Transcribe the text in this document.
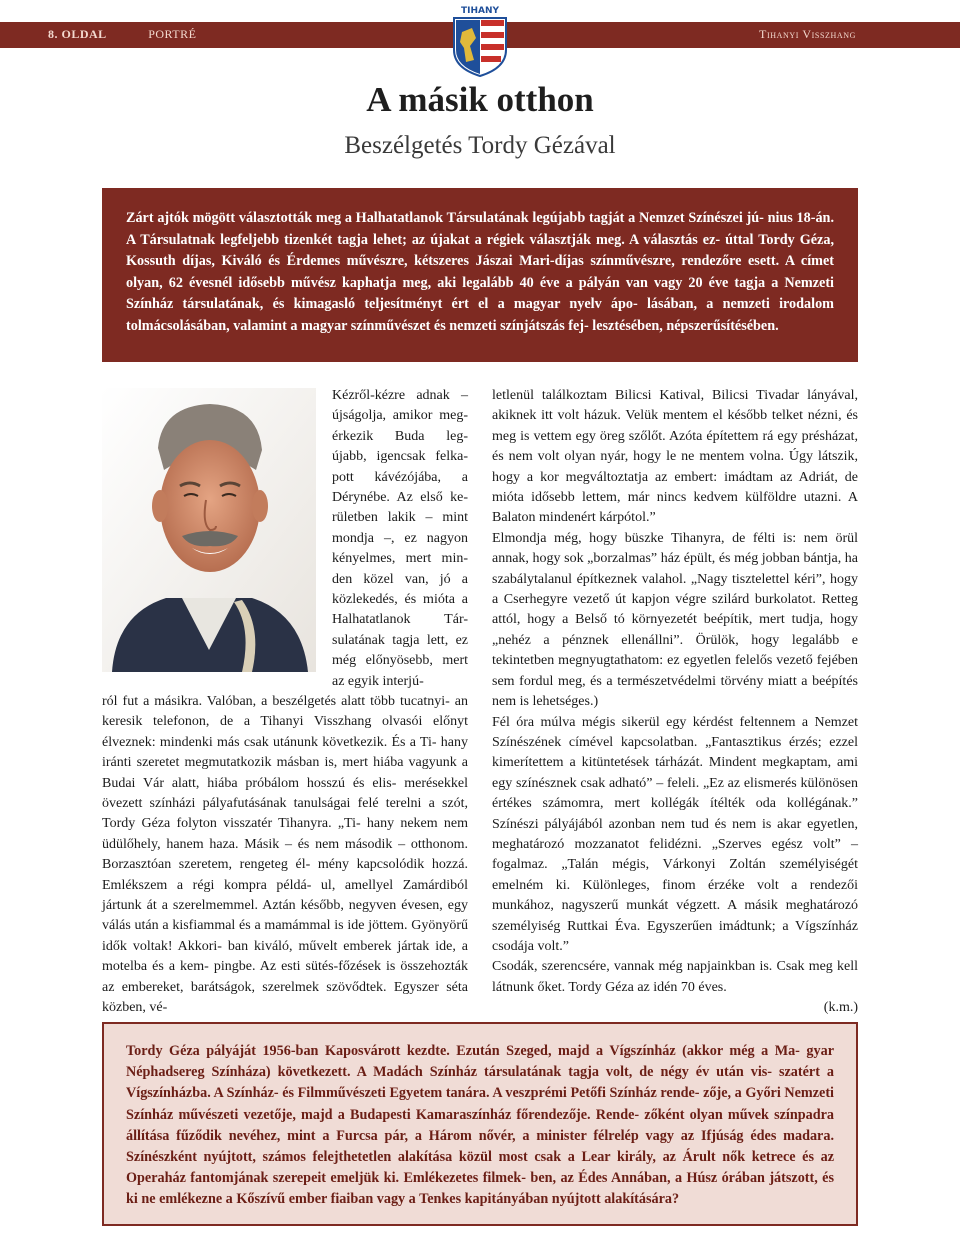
8. OLDAL	PORTRÉ	Tihanyi Visszhang
TIHANY
A másik otthon
Beszélgetés Tordy Gézával

Zárt ajtók mögött választották meg a Halhatatlanok Társulatának legújabb tagját a Nemzet Színészei jú- nius 18-án. A Társulatnak legfeljebb tizenkét tagja lehet; az újakat a régiek választják meg. A választás ez- úttal Tordy Géza, Kossuth díjas, Kiváló és Érdemes művészre, kétszeres Jászai Mari-díjas színművészre, rendezőre esett. A címet olyan, 62 évesnél idősebb művész kaphatja meg, aki legalább 40 éve a pályán van vagy 20 éve tagja a Nemzeti Színház társulatának, és kimagasló teljesítményt ért el a magyar nyelv ápo- lásában, a nemzeti irodalom tolmácsolásában, valamint a magyar színművészet és nemzeti színjátszás fej- lesztésében, népszerűsítésében.

Kézről-kézre adnak – újságolja, amikor meg- érkezik Buda leg- újabb, igencsak felka- pott kávézójába, a Dérynébe. Az első ke- rületben lakik – mint mondja –, ez nagyon kényelmes, mert min- den közel van, jó a közlekedés, és mióta a Halhatatlanok Tár- sulatának tagja lett, ez még előnyösebb, mert az egyik interjú-

ról fut a másikra. Valóban, a beszélgetés alatt több tucatnyi- an keresik telefonon, de a Tihanyi Visszhang olvasói előnyt élveznek: mindenki más csak utánunk következik. És a Ti- hany iránti szeretet megmutatkozik másban is, mert hiába vagyunk a Budai Vár alatt, hiába próbálom hosszú és elis- merésekkel övezett színházi pályafutásának tanulságai felé terelni a szót, Tordy Géza folyton visszatér Tihanyra. „Ti- hany nekem nem üdülőhely, hanem haza. Másik – és nem második – otthonom. Borzasztóan szeretem, rengeteg él- mény kapcsolódik hozzá. Emlékszem a régi kompra példá- ul, amellyel Zamárdiból jártunk át a szerelmemmel. Aztán később, negyven évesen, egy válás után a kisfiammal és a mamámmal is ide jöttem. Gyönyörű idők voltak! Akkori- ban kiváló, művelt emberek jártak ide, a motelba és a kem- pingbe. Az esti sütés-főzések is összehozták az embereket, barátságok, szerelmek szövődtek. Egyszer séta közben, vé-

letlenül találkoztam Bilicsi Katival, Bilicsi Tivadar lányával, akiknek itt volt házuk. Velük mentem el később telket nézni, és meg is vettem egy öreg szőlőt. Azóta építettem rá egy présházat, és nem volt olyan nyár, hogy le ne mentem volna. Úgy látszik, hogy a kor megváltoztatja az embert: imádtam az Adriát, de mióta idősebb lettem, már nincs kedvem külföldre utazni. A Balaton mindenért kárpótol.”

Elmondja még, hogy büszke Tihanyra, de félti is: nem örül annak, hogy sok „borzalmas” ház épült, és még jobban bántja, ha szabálytalanul építkeznek valahol. „Nagy tisztelettel kéri”, hogy a Cserhegyre vezető út kapjon végre szilárd burkolatot. Retteg attól, hogy a Belső tó környezetét beépítik, mert tudja, hogy „nehéz a pénznek ellenállni”. Örülök, hogy legalább e tekintetben megnyugtathatom: ez egyetlen felelős vezető fejében sem fordul meg, és a természetvédelmi törvény miatt a beépítés nem is lehetséges.)

Fél óra múlva mégis sikerül egy kérdést feltennem a Nemzet Színészének címével kapcsolatban. „Fantasztikus érzés; ezzel kimerítettem a kitüntetések tárházát. Mindent megkaptam, ami egy színésznek csak adható” – feleli. „Ez az elismerés különösen értékes számomra, mert kollégák ítélték oda kollégának.” Színészi pályájából azonban nem tud és nem is akar egyetlen, meghatározó mozzanatot felidézni. „Szerves egész volt” – fogalmaz. „Talán mégis, Várkonyi Zoltán személyiségét emelném ki. Különleges, finom érzéke volt a rendezői munkához, nagyszerű munkát végzett. A másik meghatározó személyiség Ruttkai Éva. Egyszerűen imádtunk; a Vígszínház csodája volt.”

Csodák, szerencsére, vannak még napjainkban is. Csak meg kell látnunk őket. Tordy Géza az idén 70 éves.

(k.m.)

Tordy Géza pályáját 1956-ban Kaposvárott kezdte. Ezután Szeged, majd a Vígszínház (akkor még a Ma- gyar Néphadsereg Színháza) következett. A Madách Színház társulatának tagja volt, de négy év után vis- szatért a Vígszínházba. A Színház- és Filmművészeti Egyetem tanára. A veszprémi Petőfi Színház rende- zője, a Győri Nemzeti Színház művészeti vezetője, majd a Budapesti Kamaraszínház főrendezője. Rende- zőként olyan művek színpadra állítása fűződik nevéhez, mint a Furcsa pár, a Három nővér, a minister félrelép vagy az Ifjúság édes madara. Színészként nyújtott, számos felejthetetlen alakítása közül most csak a Lear király, az Árult nők ketrece és az Operaház fantomjának szerepeit emeljük ki. Emlékezetes filmek- ben, az Édes Annában, a Húsz órában játszott, és ki ne emlékezne a Kőszívű ember fiaiban vagy a Tenkes kapitányában nyújtott alakítására?
